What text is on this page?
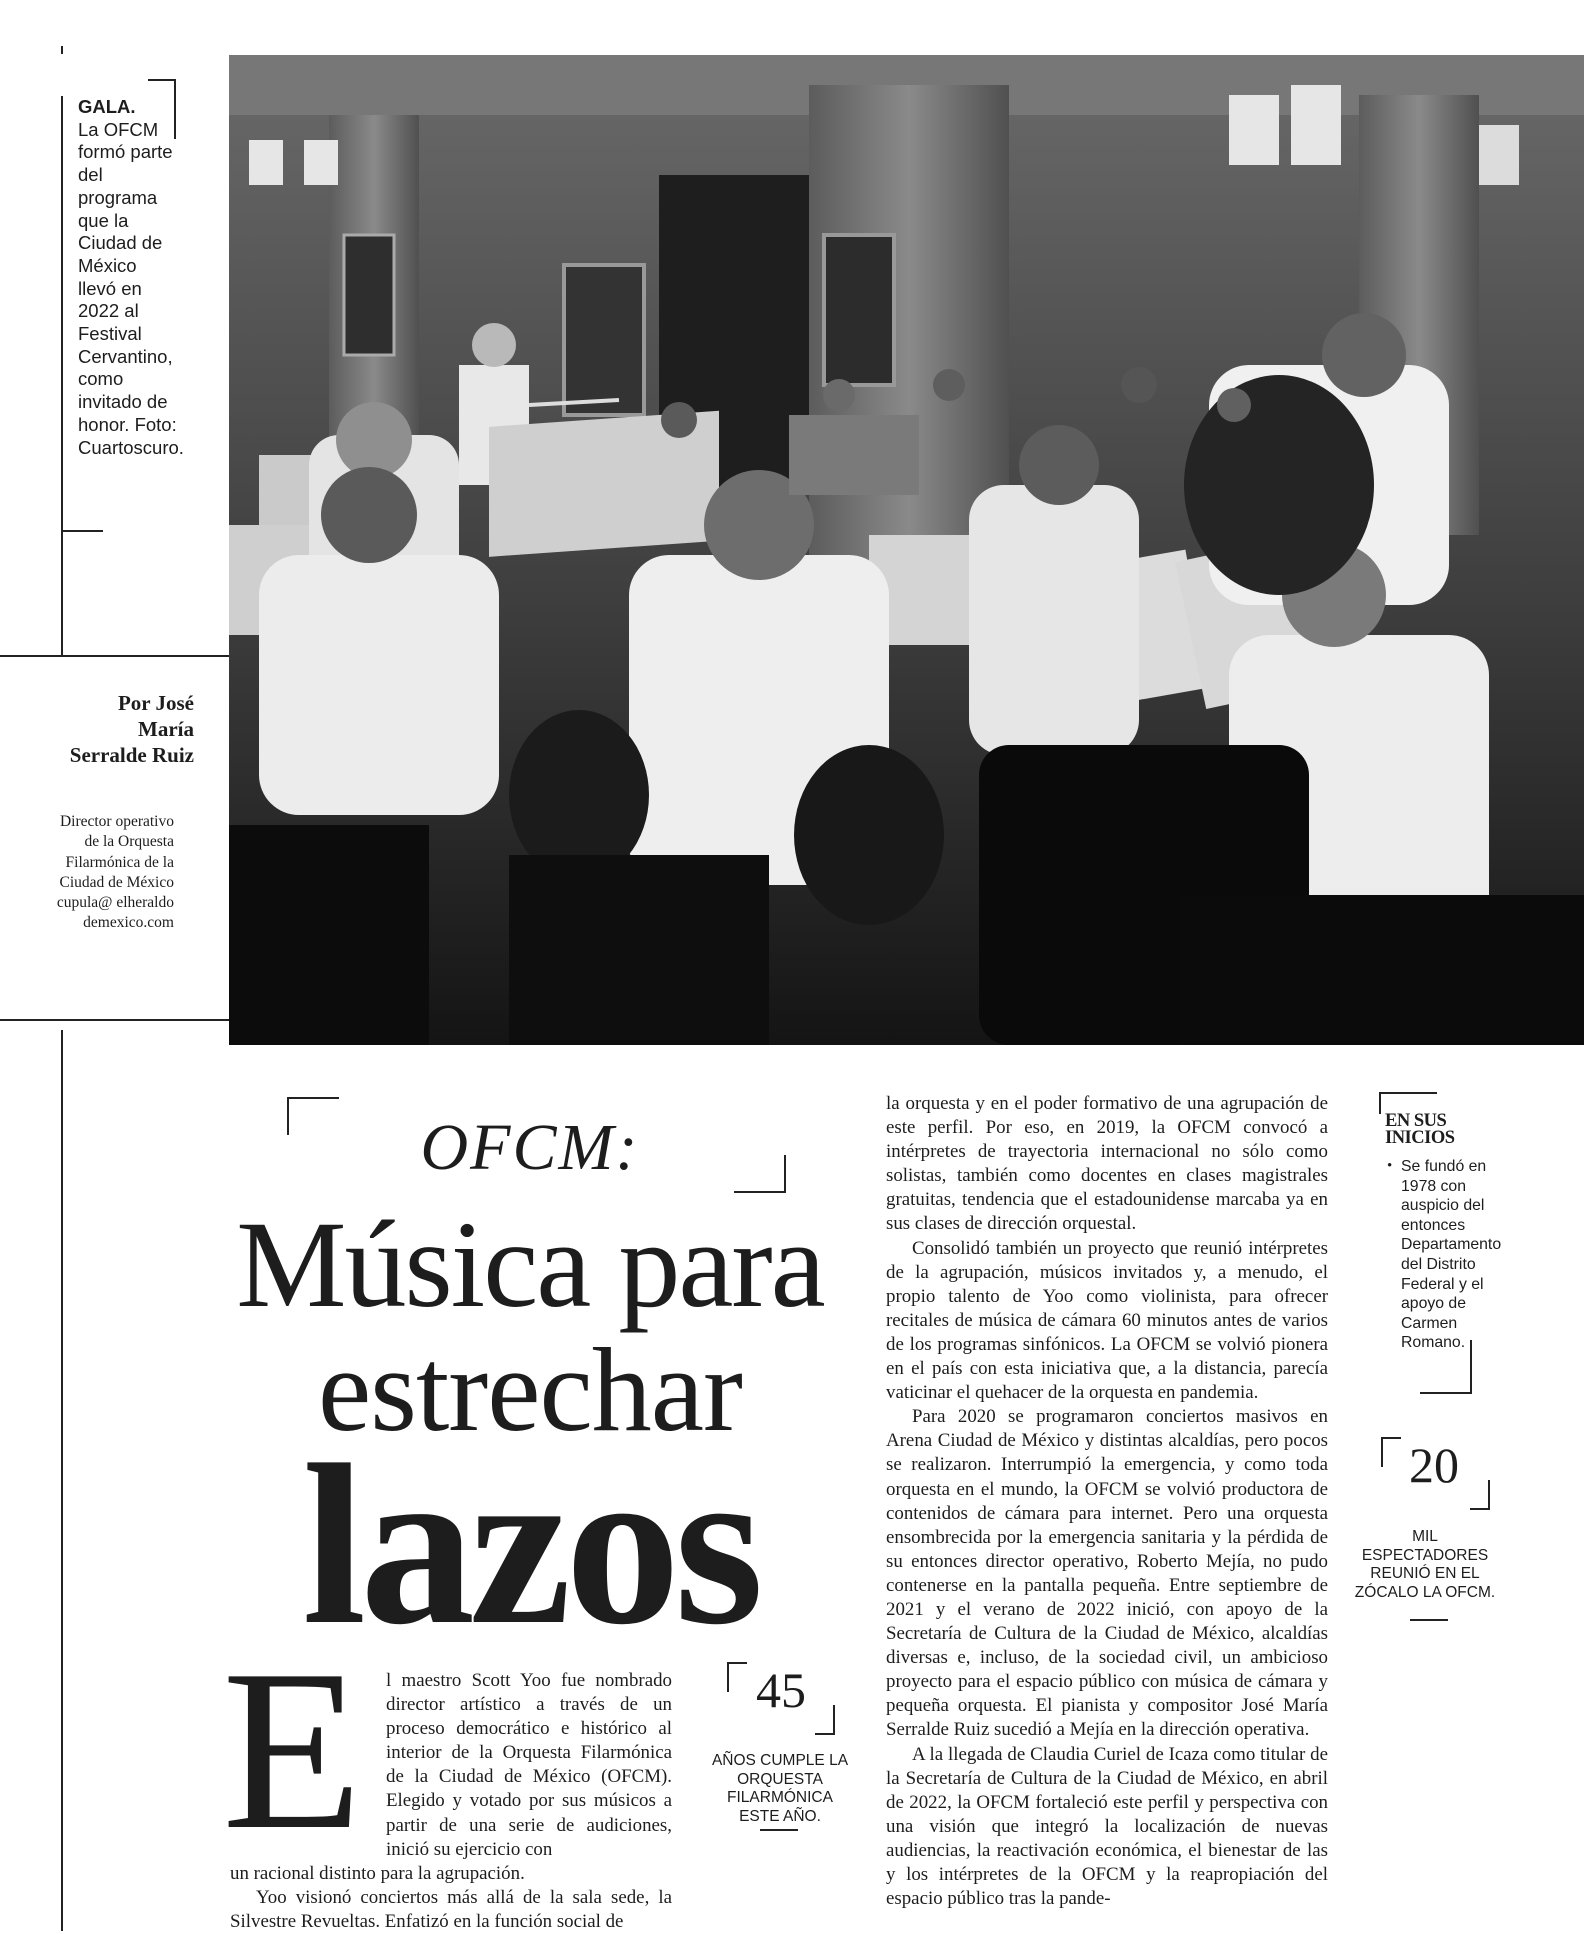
GALA.
La OFCM formó parte del programa que la Ciudad de México llevó en 2022 al Festival Cervantino, como invitado de honor. Foto: Cuartoscuro.
Por José María Serralde Ruiz
Director operativo de la Orquesta Filarmónica de la Ciudad de México cupula@ elheraldo demexico.com
OFCM:
Música para
estrechar
lazos
E l maestro Scott Yoo fue nombrado director artístico a través de un proceso democrático e histórico al interior de la Orquesta Filarmónica de la Ciudad de México (OFCM). Elegido y votado por sus músicos a partir de una serie de audiciones, inició su ejercicio con

un racional distinto para la agrupación.

Yoo visionó conciertos más allá de la sala sede, la Silvestre Revueltas. Enfatizó en la función social de

45
AÑOS CUMPLE LA ORQUESTA FILARMÓNICA ESTE AÑO.

la orquesta y en el poder formativo de una agrupación de este perfil. Por eso, en 2019, la OFCM convocó a intérpretes de trayectoria internacional no sólo como solistas, también como docentes en clases magistrales gratuitas, tendencia que el estadounidense marcaba ya en sus clases de dirección orquestal.

Consolidó también un proyecto que reunió intérpretes de la agrupación, músicos invitados y, a menudo, el propio talento de Yoo como violinista, para ofrecer recitales de música de cámara 60 minutos antes de varios de los programas sinfónicos. La OFCM se volvió pionera en el país con esta iniciativa que, a la distancia, parecía vaticinar el quehacer de la orquesta en pandemia.

Para 2020 se programaron conciertos masivos en Arena Ciudad de México y distintas alcaldías, pero pocos se realizaron. Interrumpió la emergencia, y como toda orquesta en el mundo, la OFCM se volvió productora de contenidos de cámara para internet. Pero una orquesta ensombrecida por la emergencia sanitaria y la pérdida de su entonces director operativo, Roberto Mejía, no pudo contenerse en la pantalla pequeña. Entre septiembre de 2021 y el verano de 2022 inició, con apoyo de la Secretaría de Cultura de la Ciudad de México, alcaldías diversas e, incluso, de la sociedad civil, un ambicioso proyecto para el espacio público con música de cámara y pequeña orquesta. El pianista y compositor José María Serralde Ruiz sucedió a Mejía en la dirección operativa.

A la llegada de Claudia Curiel de Icaza como titular de la Secretaría de Cultura de la Ciudad de México, en abril de 2022, la OFCM fortaleció este perfil y perspectiva con una visión que integró la localización de nuevas audiencias, la reactivación económica, el bienestar de las y los intérpretes de la OFCM y la reapropiación del espacio público tras la pande-

EN SUS INICIOS
• Se fundó en 1978 con auspicio del entonces Departamento del Distrito Federal y el apoyo de Carmen Romano.
20
MIL ESPECTADORES REUNIÓ EN EL ZÓCALO LA OFCM.
